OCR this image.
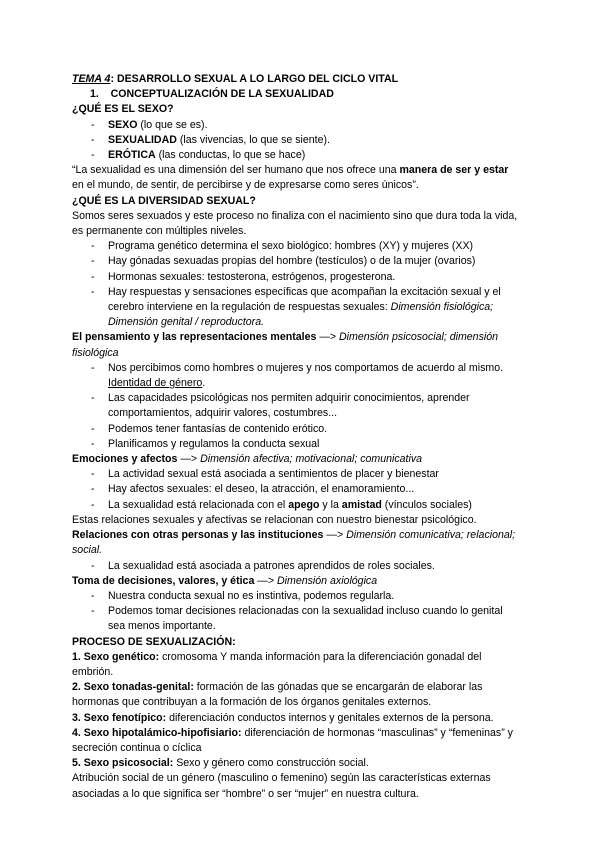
TEMA 4: DESARROLLO SEXUAL A LO LARGO DEL CICLO VITAL
1. CONCEPTUALIZACIÓN DE LA SEXUALIDAD
¿QUÉ ES EL SEXO?
- SEXO (lo que se es).
- SEXUALIDAD (las vivencias, lo que se siente).
- ERÓTICA (las conductas, lo que se hace)

“La sexualidad es una dimensión del ser humano que nos ofrece una manera de ser y estar en el mundo, de sentir, de percibirse y de expresarse como seres únicos”.

¿QUÉ ES LA DIVERSIDAD SEXUAL?

Somos seres sexuados y este proceso no finaliza con el nacimiento sino que dura toda la vida, es permanente con múltiples niveles.

- Programa genético determina el sexo biológico: hombres (XY) y mujeres (XX)
- Hay gónadas sexuadas propias del hombre (testículos) o de la mujer (ovarios)
- Hormonas sexuales: testosterona, estrógenos, progesterona.
- Hay respuestas y sensaciones específicas que acompañan la excitación sexual y el cerebro interviene en la regulación de respuestas sexuales: Dimensión fisiológica; Dimensión genital / reproductora.

El pensamiento y las representaciones mentales —> Dimensión psicosocial; dimensión fisiológica

- Nos percibimos como hombres o mujeres y nos comportamos de acuerdo al mismo. Identidad de género.
- Las capacidades psicológicas nos permiten adquirir conocimientos, aprender comportamientos, adquirir valores, costumbres...
- Podemos tener fantasías de contenido erótico.
- Planificamos y regulamos la conducta sexual

Emociones y afectos —> Dimensión afectiva; motivacional; comunicativa

- La actividad sexual está asociada a sentimientos de placer y bienestar
- Hay afectos sexuales: el deseo, la atracción, el enamoramiento...
- La sexualidad está relacionada con el apego y la amistad (vínculos sociales)

Estas relaciones sexuales y afectivas se relacionan con nuestro bienestar psicológico.

Relaciones con otras personas y las instituciones —> Dimensión comunicativa; relacional; social.

- La sexualidad está asociada a patrones aprendidos de roles sociales.

Toma de decisiones, valores, y ética —> Dimensión axiológica

- Nuestra conducta sexual no es instintiva, podemos regularla.
- Podemos tomar decisiones relacionadas con la sexualidad incluso cuando lo genital sea menos importante.
PROCESO DE SEXUALIZACIÓN:

1. Sexo genético: cromosoma Y manda información para la diferenciación gonadal del embrión.

2. Sexo tonadas-genital: formación de las gónadas que se encargarán de elaborar las hormonas que contribuyan a la formación de los órganos genitales externos.

3. Sexo fenotípico: diferenciación conductos internos y genitales externos de la persona.

4. Sexo hipotalámico-hipofisiario: diferenciación de hormonas “masculinas” y “femeninas” y secreción continua o cíclica

5. Sexo psicosocial: Sexo y género como construcción social.

Atribución social de un género (masculino o femenino) según las características externas asociadas a lo que significa ser “hombre” o ser “mujer” en nuestra cultura.
